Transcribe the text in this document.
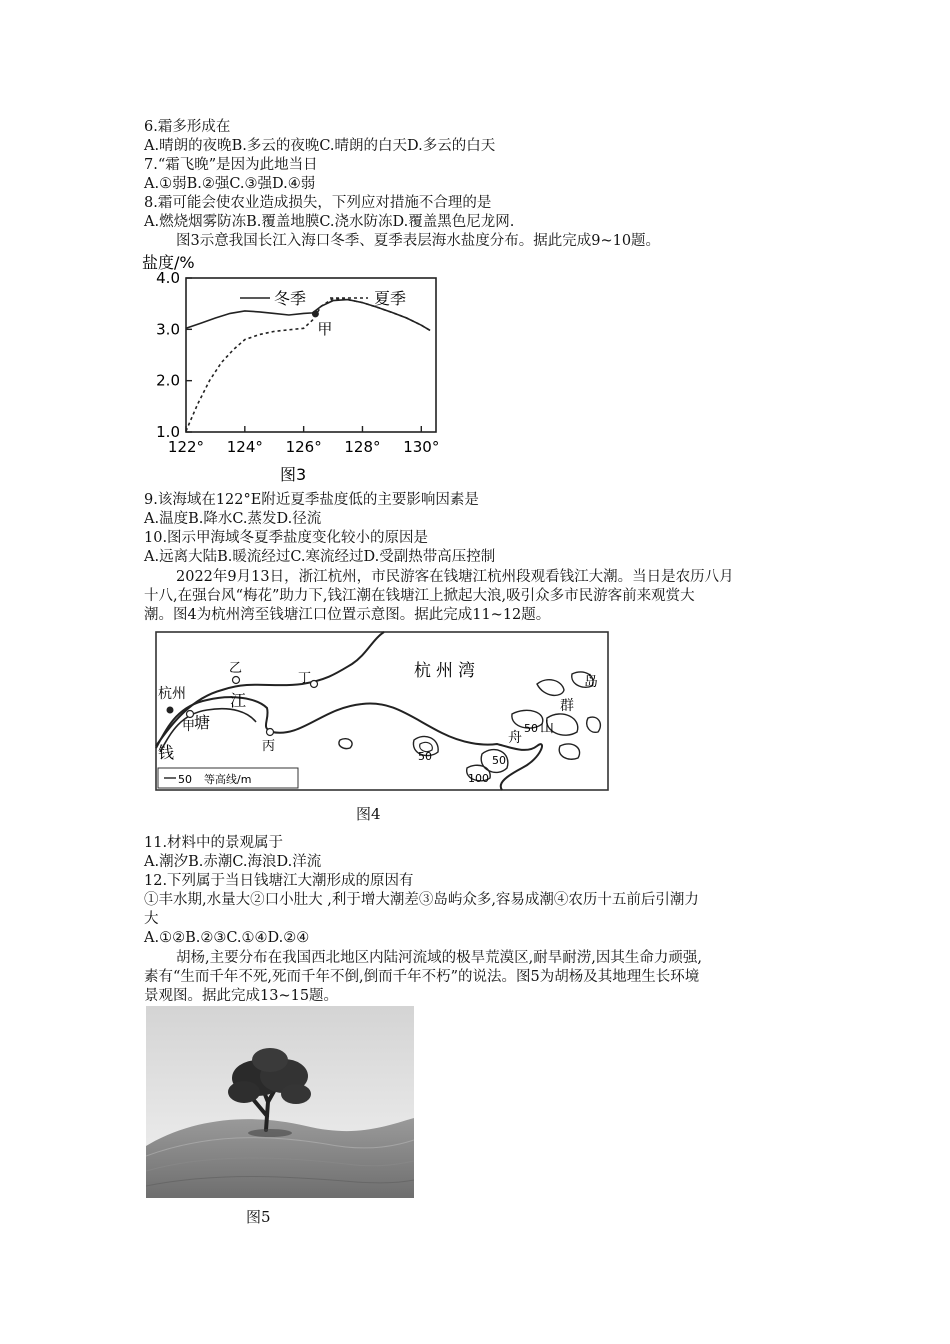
6.霜多形成在
A.晴朗的夜晚B.多云的夜晚C.晴朗的白天D.多云的白天
7.“霜飞晚”是因为此地当日
A.①弱B.②强C.③强D.④弱
8.霜可能会使农业造成损失，下列应对措施不合理的是
A.燃烧烟雾防冻B.覆盖地膜C.浇水防冻D.覆盖黑色尼龙网.
图3示意我国长江入海口冬季、夏季表层海水盐度分布。据此完成9~10题。
盐度/%
1.0
2.0
3.0
4.0
122° 124° 126° 128° 130°
冬季	夏季
甲
图3
9.该海域在122°E附近夏季盐度低的主要影响因素是
A.温度B.降水C.蒸发D.径流
10.图示甲海域冬夏季盐度变化较小的原因是
A.远离大陆B.暖流经过C.寒流经过D.受副热带高压控制
2022年9月13日，浙江杭州，市民游客在钱塘江杭州段观看钱江大潮。当日是农历八月
十八,在强台风“梅花”助力下,钱江潮在钱塘江上掀起大浪,吸引众多市民游客前来观赏大
潮。图4为杭州湾至钱塘江口位置示意图。据此完成11~12题。
杭州
甲
乙
丙
丁
钱
塘
江
杭州湾
岛
群
山
舟
50
50	50
100
50 等高线/m
图4
11.材料中的景观属于
A.潮汐B.赤潮C.海浪D.洋流
12.下列属于当日钱塘江大潮形成的原因有
①丰水期,水量大②口小肚大 ,利于增大潮差③岛屿众多,容易成潮④农历十五前后引潮力
大
A.①②B.②③C.①④D.②④
胡杨,主要分布在我国西北地区内陆河流域的极旱荒漠区,耐旱耐涝,因其生命力顽强,
素有“生而千年不死,死而千年不倒,倒而千年不朽”的说法。图5为胡杨及其地理生长环境
景观图。据此完成13~15题。
图5
